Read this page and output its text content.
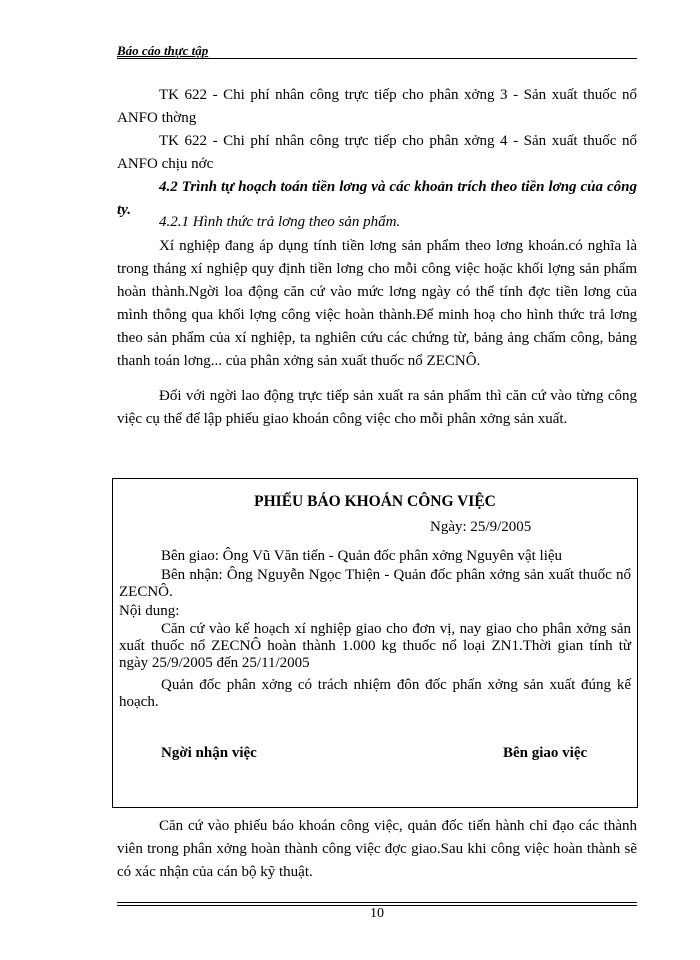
Báo cáo thực tập

TK 622 - Chi phí nhân công trực tiếp cho phân xởng 3 - Sản xuất thuốc nổ ANFO thờng

TK 622 - Chi phí nhân công trực tiếp cho phân xởng 4 - Sản xuất thuốc nổ ANFO chịu nớc

4.2 Trình tự hoạch toán tiền lơng và các khoản trích theo tiền lơng của công ty.

4.2.1 Hình thức trả lơng theo sản phẩm.

Xí nghiệp đang áp dụng tính tiền lơng sản phẩm theo lơng khoán.có nghĩa là trong tháng xí nghiệp quy định tiền lơng cho mỗi công việc hoặc khối lợng sản phẩm hoàn thành.Ngời loa động căn cứ vào mức lơng ngày có thể tính đợc tiền lơng của mình thông qua khối lợng công việc hoàn thành.Để minh hoạ cho hình thức trả lơng theo sản phẩm của xí nghiệp, ta nghiên cứu các chứng từ, bảng ảng chấm công, bảng thanh toán lơng... của phân xởng sản xuất thuốc nổ ZECNÔ.

Đối với ngời lao động trực tiếp sản xuất ra sản phẩm thì căn cứ vào từng công việc cụ thể để lập phiếu giao khoán công việc cho mỗi phân xởng sản xuất.

PHIẾU BÁO KHOÁN CÔNG VIỆC
Ngày: 25/9/2005

Bên giao: Ông Vũ Văn tiến - Quản đốc phân xởng Nguyên vật liệu

Bên nhận: Ông Nguyễn Ngọc Thiện - Quản đốc phân xởng sản xuất thuốc nổ ZECNÔ.

Nội dung:

Căn cứ vào kế hoạch xí nghiệp giao cho đơn vị, nay giao cho phân xởng sản xuất thuốc nổ ZECNÔ hoàn thành 1.000 kg thuốc nổ loại ZN1.Thời gian tính từ ngày 25/9/2005 đến 25/11/2005

Quản đốc phân xởng có trách nhiệm đôn đốc phấn xởng sản xuất đúng kế hoạch.

Ngời nhận việc	Bên giao việc

Căn cứ vào phiếu báo khoán công việc, quản đốc tiến hành chỉ đạo các thành viên trong phân xởng hoàn thành công việc đợc giao.Sau khi công việc hoàn thành sẽ có xác nhận của cán bộ kỹ thuật.

10
